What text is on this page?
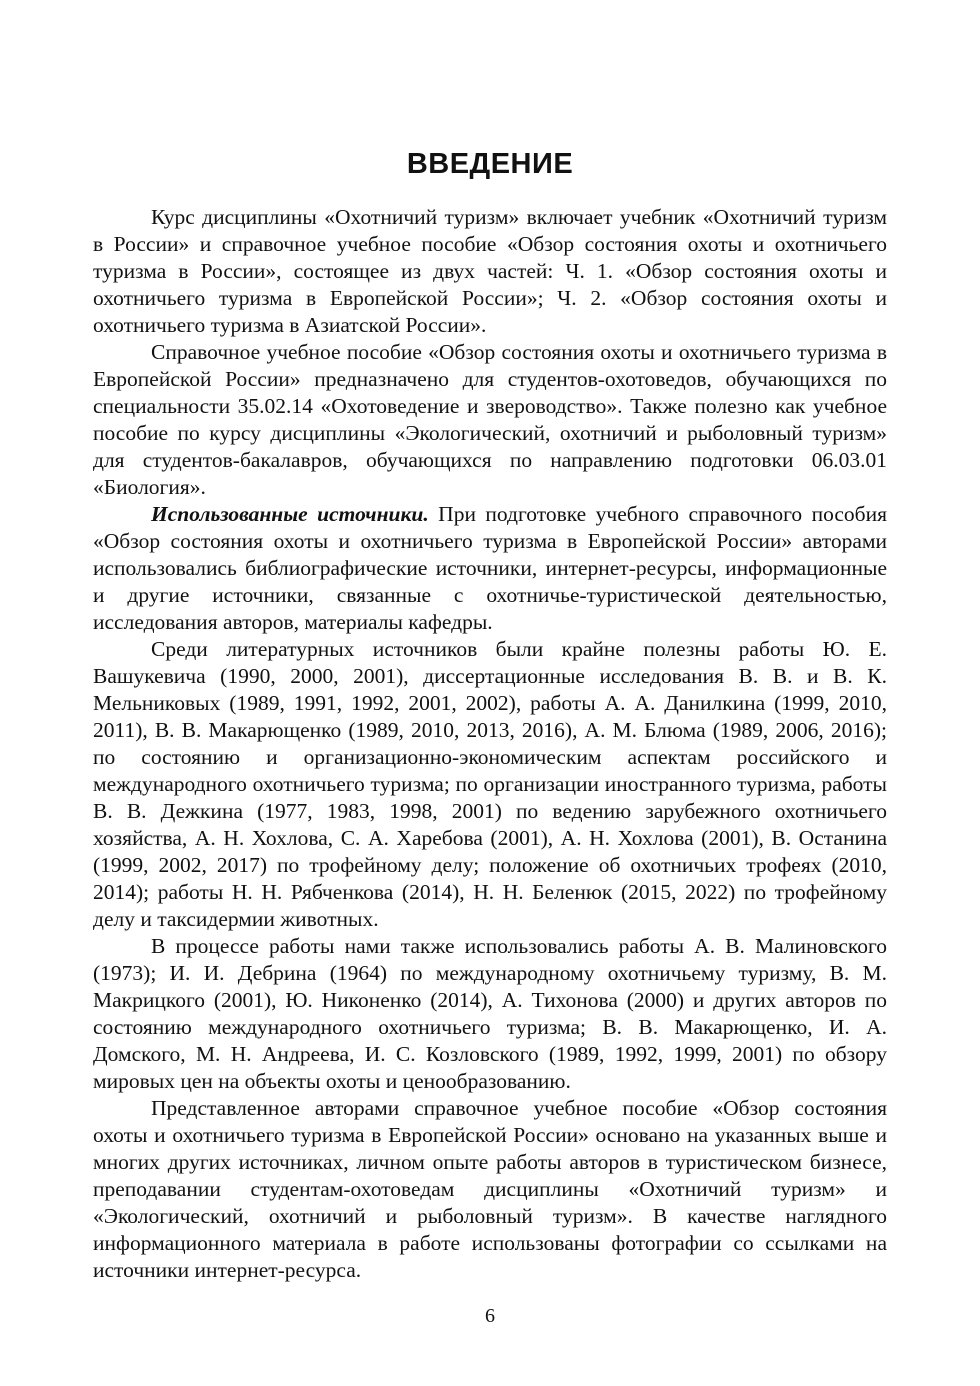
ВВЕДЕНИЕ

Курс дисциплины «Охотничий туризм» включает учебник «Охотничий туризм в России» и справочное учебное пособие «Обзор состояния охоты и охотничьего туризма в России», состоящее из двух частей: Ч. 1. «Обзор состояния охоты и охотничьего туризма в Европейской России»; Ч. 2. «Обзор состояния охоты и охотничьего туризма в Азиатской России».

Справочное учебное пособие «Обзор состояния охоты и охотничьего туризма в Европейской России» предназначено для студентов-охотоведов, обучающихся по специальности 35.02.14 «Охотоведение и звероводство». Также полезно как учебное пособие по курсу дисциплины «Экологический, охотничий и рыболовный туризм» для студентов-бакалавров, обучающихся по направлению подготовки 06.03.01 «Биология».

Использованные источники. При подготовке учебного справочного пособия «Обзор состояния охоты и охотничьего туризма в Европейской России» авторами использовались библиографические источники, интернет-ресурсы, информационные и другие источники, связанные с охотничье-туристической деятельностью, исследования авторов, материалы кафедры.

Среди литературных источников были крайне полезны работы Ю. Е. Вашукевича (1990, 2000, 2001), диссертационные исследования В. В. и В. К. Мельниковых (1989, 1991, 1992, 2001, 2002), работы А. А. Данилкина (1999, 2010, 2011), В. В. Макарющенко (1989, 2010, 2013, 2016), А. М. Блюма (1989, 2006, 2016); по состоянию и организационно-экономическим аспектам российского и международного охотничьего туризма; по организации иностранного туризма, работы В. В. Дежкина (1977, 1983, 1998, 2001) по ведению зарубежного охотничьего хозяйства, А. Н. Хохлова, С. А. Харебова (2001), А. Н. Хохлова (2001), В. Останина (1999, 2002, 2017) по трофейному делу; положение об охотничьих трофеях (2010, 2014); работы Н. Н. Рябченкова (2014), Н. Н. Беленюк (2015, 2022) по трофейному делу и таксидермии животных.

В процессе работы нами также использовались работы А. В. Малиновского (1973); И. И. Дебрина (1964) по международному охотничьему туризму, В. М. Макрицкого (2001), Ю. Никоненко (2014), А. Тихонова (2000) и других авторов по состоянию международного охотничьего туризма; В. В. Макарющенко, И. А. Домского, М. Н. Андреева, И. С. Козловского (1989, 1992, 1999, 2001) по обзору мировых цен на объекты охоты и ценообразованию.

Представленное авторами справочное учебное пособие «Обзор состояния охоты и охотничьего туризма в Европейской России» основано на указанных выше и многих других источниках, личном опыте работы авторов в туристическом бизнесе, преподавании студентам-охотоведам дисциплины «Охотничий туризм» и «Экологический, охотничий и рыболовный туризм». В качестве наглядного информационного материала в работе использованы фотографии со ссылками на источники интернет-ресурса.

6
